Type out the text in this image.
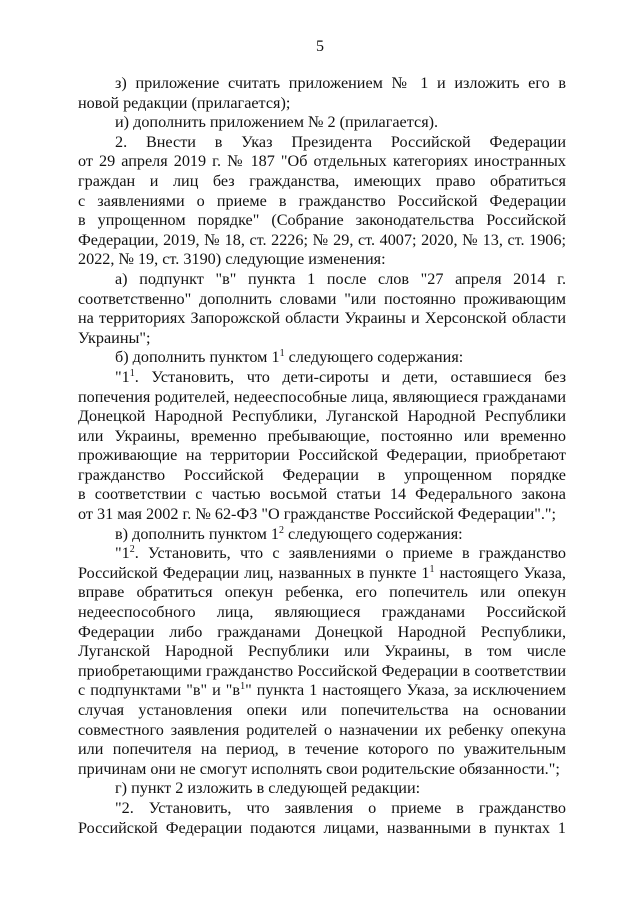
5
з) приложение считать приложением № 1 и изложить его в
новой редакции (прилагается);
и) дополнить приложением № 2 (прилагается).
2. Внести в Указ Президента Российской Федерации
от 29 апреля 2019 г. № 187 "Об отдельных категориях иностранных
граждан и лиц без гражданства, имеющих право обратиться
с заявлениями о приеме в гражданство Российской Федерации
в упрощенном порядке" (Собрание законодательства Российской
Федерации, 2019, № 18, ст. 2226; № 29, ст. 4007; 2020, № 13, ст. 1906;
2022, № 19, ст. 3190) следующие изменения:
а) подпункт "в" пункта 1 после слов "27 апреля 2014 г.
соответственно" дополнить словами "или постоянно проживающим
на территориях Запорожской области Украины и Херсонской области
Украины";
б) дополнить пунктом $1^1$ следующего содержания:
"$1^1$. Установить, что дети-сироты и дети, оставшиеся без
попечения родителей, недееспособные лица, являющиеся гражданами
Донецкой Народной Республики, Луганской Народной Республики
или Украины, временно пребывающие, постоянно или временно
проживающие на территории Российской Федерации, приобретают
гражданство Российской Федерации в упрощенном порядке
в соответствии с частью восьмой статьи 14 Федерального закона
от 31 мая 2002 г. № 62-ФЗ "О гражданстве Российской Федерации".";
в) дополнить пунктом $1^2$ следующего содержания:
"$1^2$. Установить, что с заявлениями о приеме в гражданство
Российской Федерации лиц, названных в пункте $1^1$ настоящего Указа,
вправе обратиться опекун ребенка, его попечитель или опекун
недееспособного лица, являющиеся гражданами Российской
Федерации либо гражданами Донецкой Народной Республики,
Луганской Народной Республики или Украины, в том числе
приобретающими гражданство Российской Федерации в соответствии
с подпунктами "в" и "$в^1$" пункта 1 настоящего Указа, за исключением
случая установления опеки или попечительства на основании
совместного заявления родителей о назначении их ребенку опекуна
или попечителя на период, в течение которого по уважительным
причинам они не смогут исполнять свои родительские обязанности.";
г) пункт 2 изложить в следующей редакции:
"2. Установить, что заявления о приеме в гражданство
Российской Федерации подаются лицами, названными в пунктах 1
